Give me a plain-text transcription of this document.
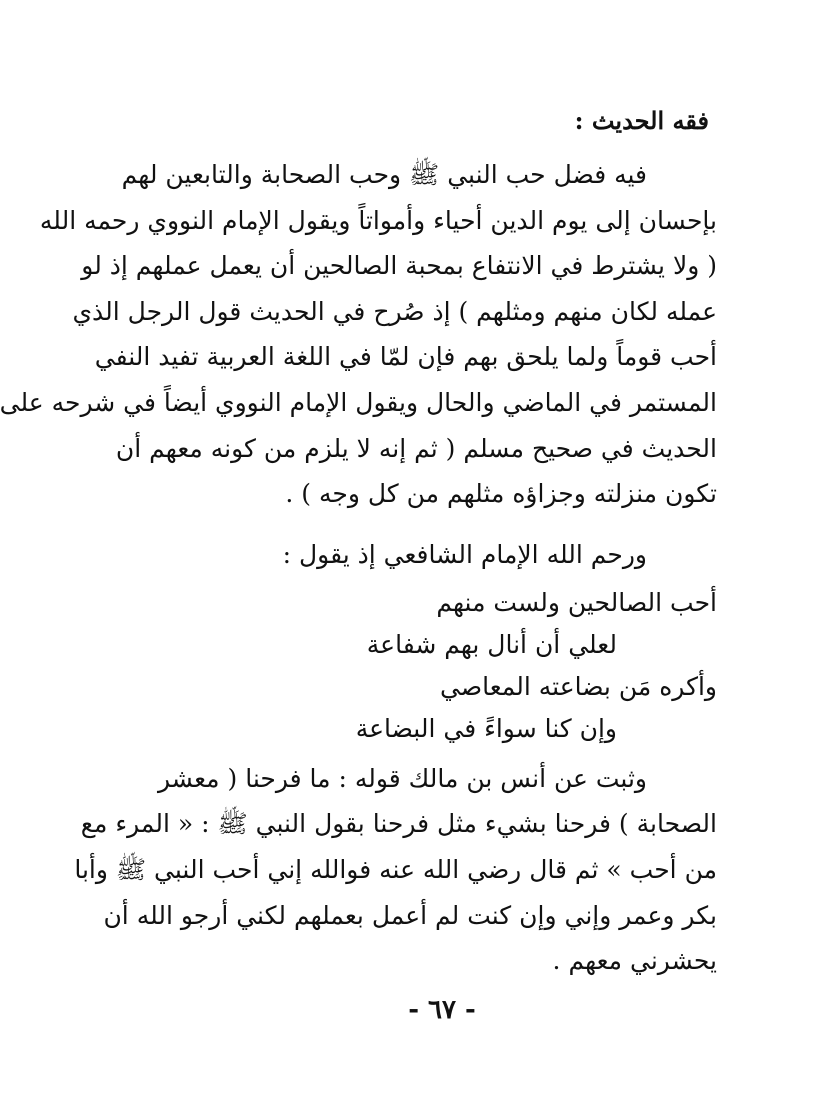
فقه الحديث :
فيه فضل حب النبي ﷺ وحب الصحابة والتابعين لهم
بإحسان إلى يوم الدين أحياء وأمواتاً ويقول الإمام النووي رحمه الله
( ولا يشترط في الانتفاع بمحبة الصالحين أن يعمل عملهم إذ لو
عمله لكان منهم ومثلهم ) إذ صُرح في الحديث قول الرجل الذي
أحب قوماً ولما يلحق بهم فإن لمّا في اللغة العربية تفيد النفي
المستمر في الماضي والحال ويقول الإمام النووي أيضاً في شرحه على
الحديث في صحيح مسلم ( ثم إنه لا يلزم من كونه معهم أن
تكون منزلته وجزاؤه مثلهم من كل وجه ) .
ورحم الله الإمام الشافعي إذ يقول :
أحب الصالحين ولست منهم
لعلي أن أنال بهم شفاعة
وأكره مَن بضاعته المعاصي
وإن كنا سواءً في البضاعة
وثبت عن أنس بن مالك قوله : ما فرحنا ( معشر
الصحابة ) فرحنا بشيء مثل فرحنا بقول النبي ﷺ : « المرء مع
من أحب » ثم قال رضي الله عنه فوالله إني أحب النبي ﷺ وأبا
بكر وعمر وإني وإن كنت لم أعمل بعملهم لكني أرجو الله أن
يحشرني معهم .
- ٦٧ -
